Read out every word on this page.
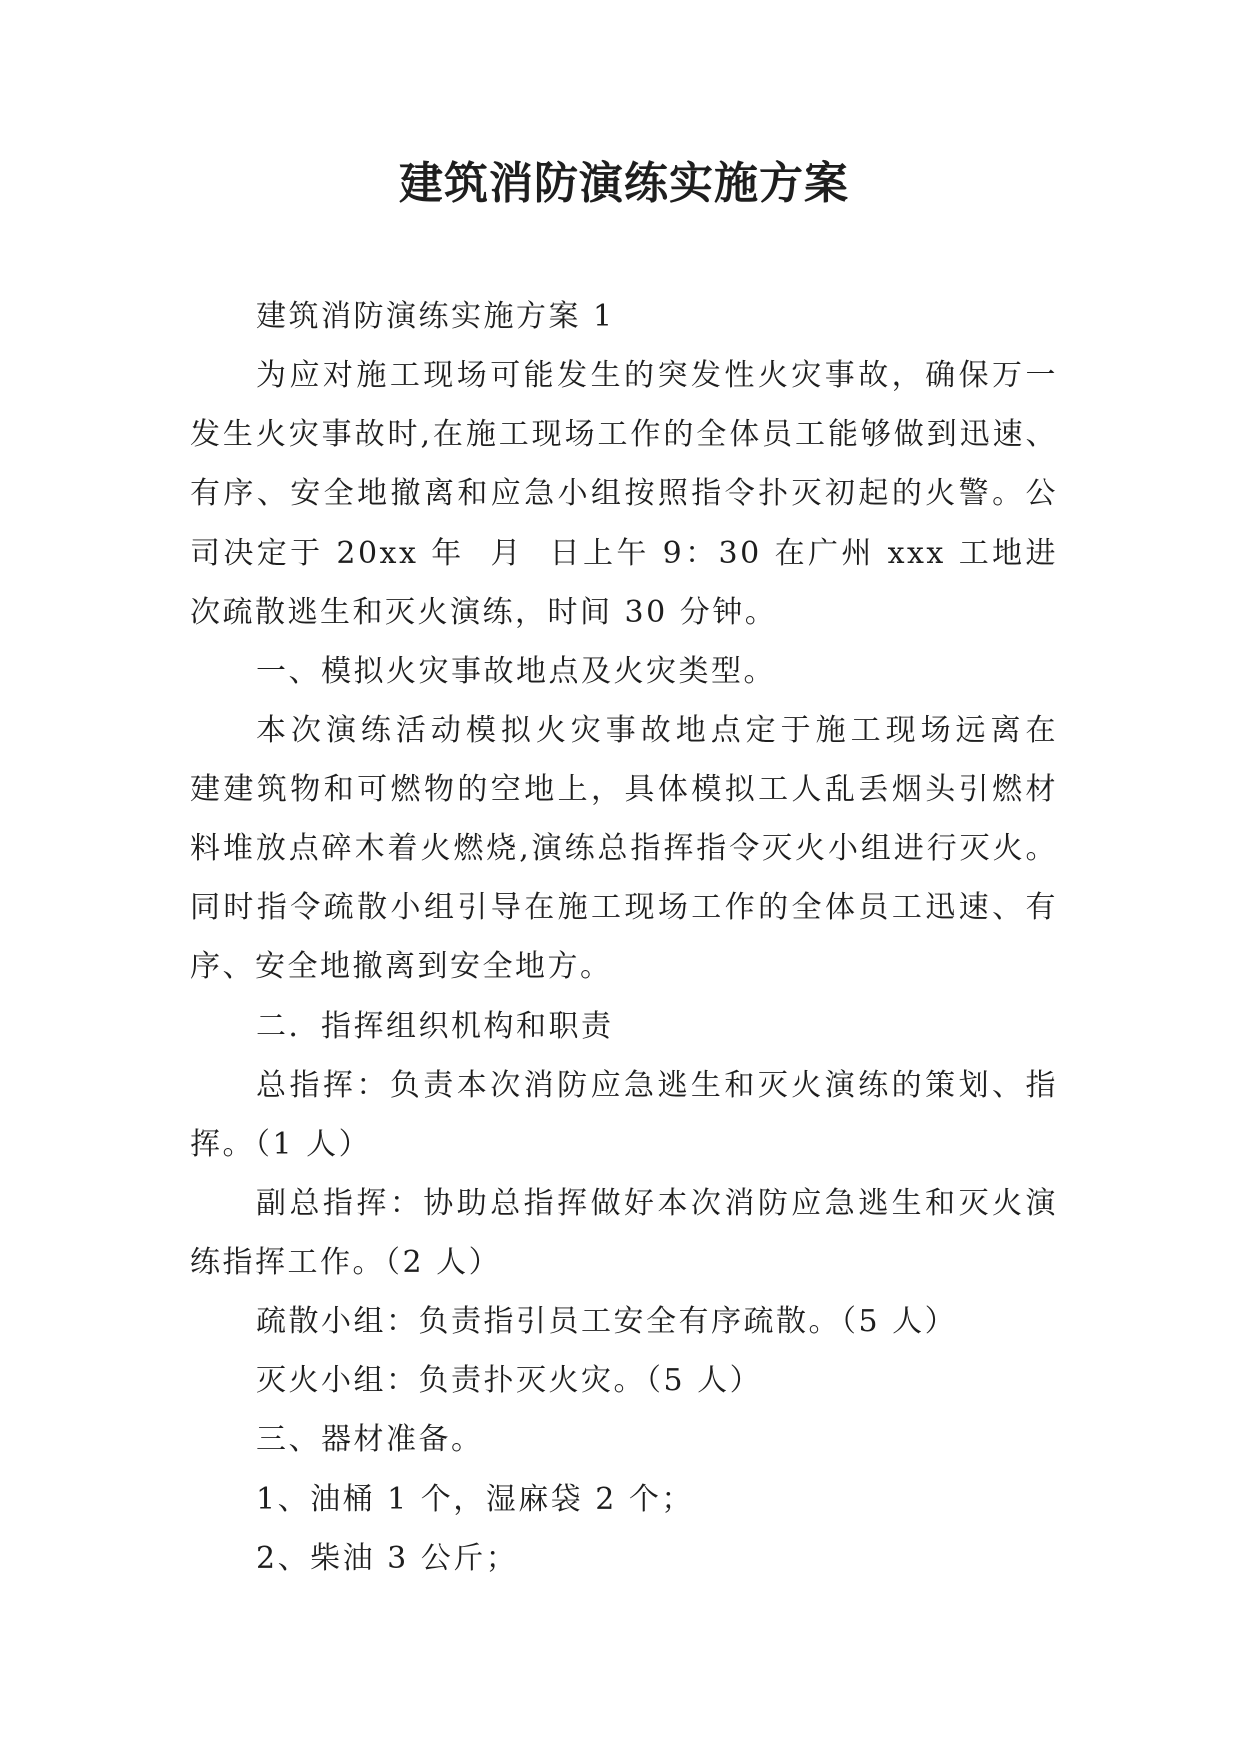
建筑消防演练实施方案
建筑消防演练实施方案 1
为应对施工现场可能发生的突发性火灾事故，确保万一
发生火灾事故时,在施工现场工作的全体员工能够做到迅速、
有序、安全地撤离和应急小组按照指令扑灭初起的火警。公
司决定于 20xx 年  月  日上午 9：30 在广州 xxx 工地进
次疏散逃生和灭火演练，时间 30 分钟。
一、模拟火灾事故地点及火灾类型。
本次演练活动模拟火灾事故地点定于施工现场远离在
建建筑物和可燃物的空地上，具体模拟工人乱丢烟头引燃材
料堆放点碎木着火燃烧,演练总指挥指令灭火小组进行灭火。
同时指令疏散小组引导在施工现场工作的全体员工迅速、有
序、安全地撤离到安全地方。
二．指挥组织机构和职责
总指挥：负责本次消防应急逃生和灭火演练的策划、指
挥。（1 人）
副总指挥：协助总指挥做好本次消防应急逃生和灭火演
练指挥工作。（2 人）
疏散小组：负责指引员工安全有序疏散。（5 人）
灭火小组：负责扑灭火灾。（5 人）
三、器材准备。
1、油桶 1 个，湿麻袋 2 个；
2、柴油 3 公斤；
